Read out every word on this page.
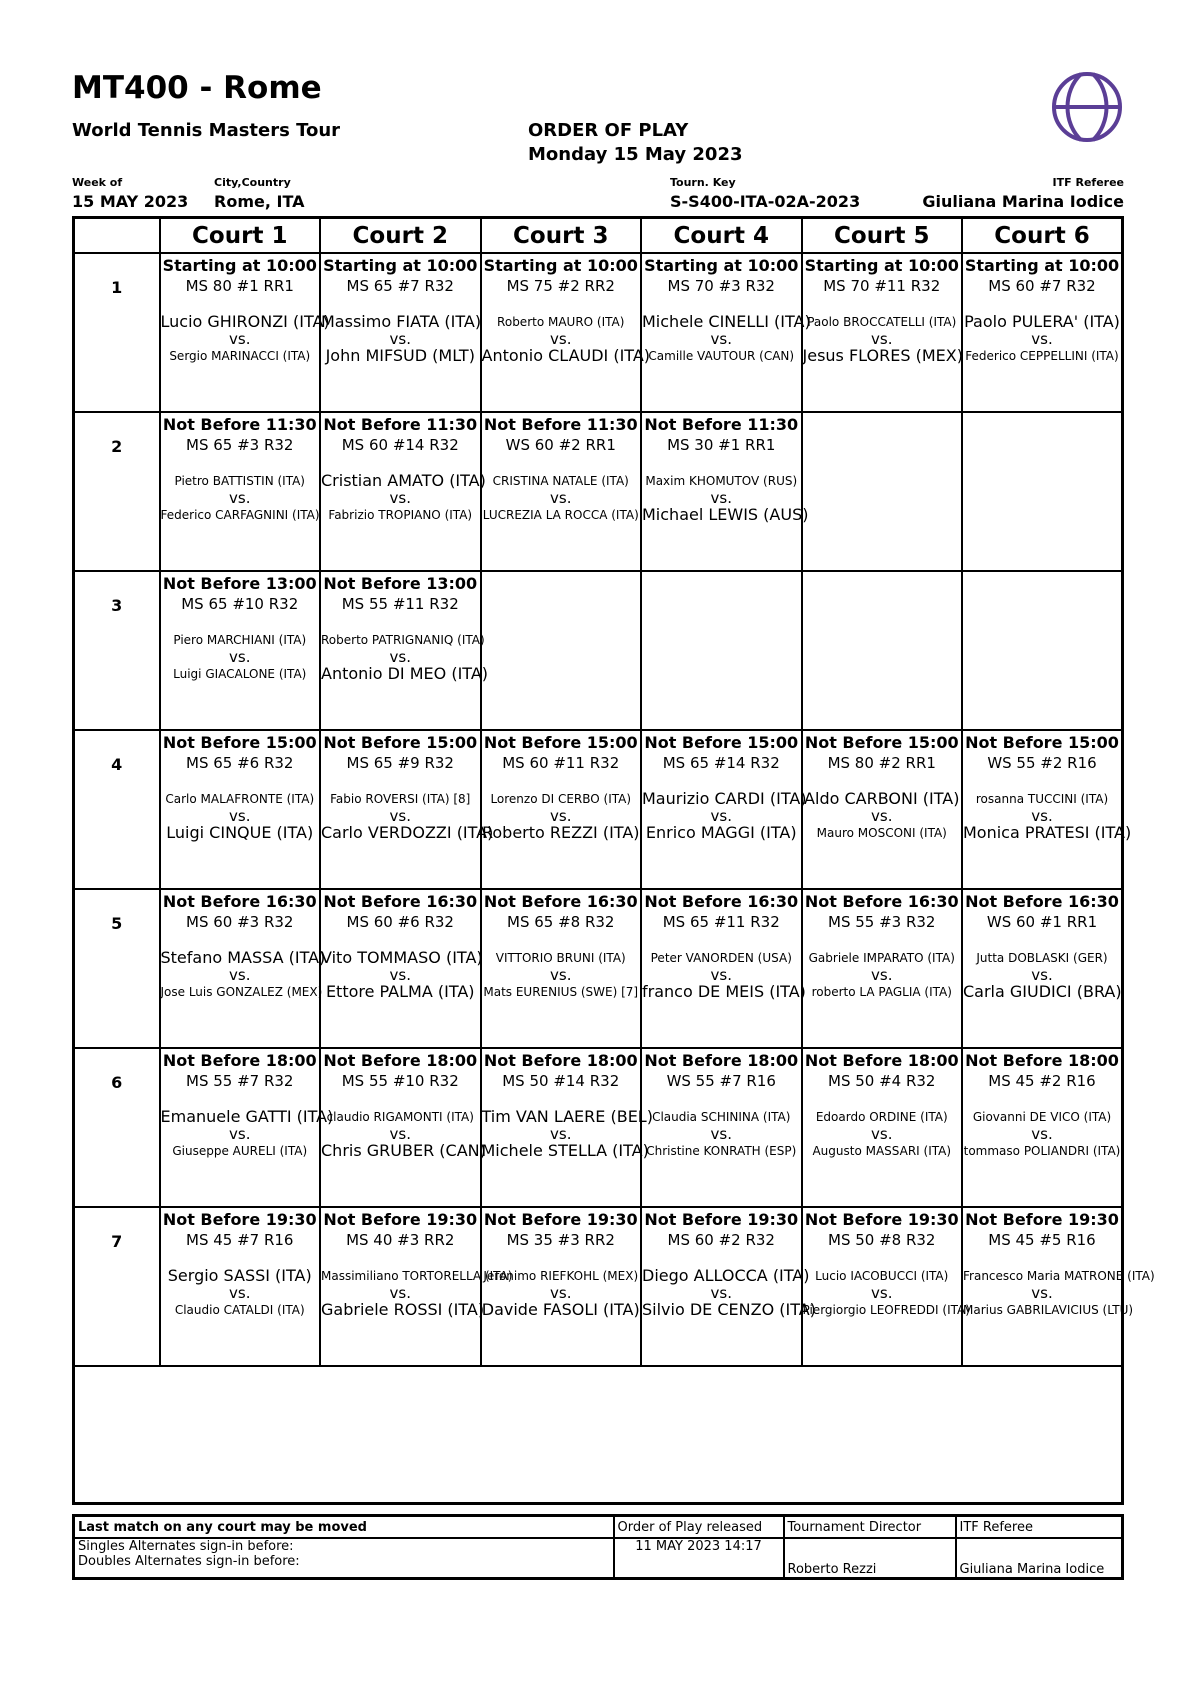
MT400 - Rome
World Tennis Masters Tour	ORDER OF PLAY
Monday 15 May 2023
Week of
15 MAY 2023
City,Country
Rome, ITA
Tourn. Key
S-S400-ITA-02A-2023
ITF Referee
Giuliana Marina Iodice
	Court 1	Court 2	Court 3	Court 4	Court 5	Court 6

1	Starting at 10:00
MS 80 #1 RR1
Lucio GHIRONZI (ITA)
vs.
Sergio MARINACCI (ITA)	Starting at 10:00
MS 65 #7 R32
Massimo FIATA (ITA)
vs.
John MIFSUD (MLT)	Starting at 10:00
MS 75 #2 RR2
Roberto MAURO (ITA)
vs.
Antonio CLAUDI (ITA)	Starting at 10:00
MS 70 #3 R32
Michele CINELLI (ITA)
vs.
Camille VAUTOUR (CAN)	Starting at 10:00
MS 70 #11 R32
Paolo BROCCATELLI (ITA)
vs.
Jesus FLORES (MEX)	Starting at 10:00
MS 60 #7 R32
Paolo PULERA' (ITA)
vs.
Federico CEPPELLINI (ITA)

2	Not Before 11:30
MS 65 #3 R32
Pietro BATTISTIN (ITA)
vs.
Federico CARFAGNINI (ITA)	Not Before 11:30
MS 60 #14 R32
Cristian AMATO (ITA)
vs.
Fabrizio TROPIANO (ITA)	Not Before 11:30
WS 60 #2 RR1
CRISTINA NATALE (ITA)
vs.
LUCREZIA LA ROCCA (ITA)	Not Before 11:30
MS 30 #1 RR1
Maxim KHOMUTOV (RUS)
vs.
Michael LEWIS (AUS)		

3	Not Before 13:00
MS 65 #10 R32
Piero MARCHIANI (ITA)
vs.
Luigi GIACALONE (ITA)	Not Before 13:00
MS 55 #11 R32
Roberto PATRIGNANIQ (ITA)
vs.
Antonio DI MEO (ITA)				

4	Not Before 15:00
MS 65 #6 R32
Carlo MALAFRONTE (ITA)
vs.
Luigi CINQUE (ITA)	Not Before 15:00
MS 65 #9 R32
Fabio ROVERSI (ITA) [8]
vs.
Carlo VERDOZZI (ITA)	Not Before 15:00
MS 60 #11 R32
Lorenzo DI CERBO (ITA)
vs.
Roberto REZZI (ITA)	Not Before 15:00
MS 65 #14 R32
Maurizio CARDI (ITA)
vs.
Enrico MAGGI (ITA)	Not Before 15:00
MS 80 #2 RR1
Aldo CARBONI (ITA)
vs.
Mauro MOSCONI (ITA)	Not Before 15:00
WS 55 #2 R16
rosanna TUCCINI (ITA)
vs.
Monica PRATESI (ITA)

5	Not Before 16:30
MS 60 #3 R32
Stefano MASSA (ITA)
vs.
Jose Luis GONZALEZ (MEX)	Not Before 16:30
MS 60 #6 R32
Vito TOMMASO (ITA)
vs.
Ettore PALMA (ITA)	Not Before 16:30
MS 65 #8 R32
VITTORIO BRUNI (ITA)
vs.
Mats EURENIUS (SWE) [7]	Not Before 16:30
MS 65 #11 R32
Peter VANORDEN (USA)
vs.
franco DE MEIS (ITA)	Not Before 16:30
MS 55 #3 R32
Gabriele IMPARATO (ITA)
vs.
roberto LA PAGLIA (ITA)	Not Before 16:30
WS 60 #1 RR1
Jutta DOBLASKI (GER)
vs.
Carla GIUDICI (BRA)

6	Not Before 18:00
MS 55 #7 R32
Emanuele GATTI (ITA)
vs.
Giuseppe AURELI (ITA)	Not Before 18:00
MS 55 #10 R32
claudio RIGAMONTI (ITA)
vs.
Chris GRUBER (CAN)	Not Before 18:00
MS 50 #14 R32
Tim VAN LAERE (BEL)
vs.
Michele STELLA (ITA)	Not Before 18:00
WS 55 #7 R16
Claudia SCHININA (ITA)
vs.
Christine KONRATH (ESP)	Not Before 18:00
MS 50 #4 R32
Edoardo ORDINE (ITA)
vs.
Augusto MASSARI (ITA)	Not Before 18:00
MS 45 #2 R16
Giovanni DE VICO (ITA)
vs.
tommaso POLIANDRI (ITA)

7	Not Before 19:30
MS 45 #7 R16
Sergio SASSI (ITA)
vs.
Claudio CATALDI (ITA)	Not Before 19:30
MS 40 #3 RR2
Massimiliano TORTORELLA (ITA)
vs.
Gabriele ROSSI (ITA)	Not Before 19:30
MS 35 #3 RR2
Jeronimo RIEFKOHL (MEX)
vs.
Davide FASOLI (ITA)	Not Before 19:30
MS 60 #2 R32
Diego ALLOCCA (ITA)
vs.
Silvio DE CENZO (ITA)	Not Before 19:30
MS 50 #8 R32
Lucio IACOBUCCI (ITA)
vs.
Piergiorgio LEOFREDDI (ITA)	Not Before 19:30
MS 45 #5 R16
Francesco Maria MATRONE (ITA)
vs.
Marius GABRILAVICIUS (LTU)

Last match on any court may be moved	Order of Play released	Tournament Director	ITF Referee

Singles Alternates sign-in before:
Doubles Alternates sign-in before:	11 MAY 2023 14:17	Roberto Rezzi	Giuliana Marina Iodice
